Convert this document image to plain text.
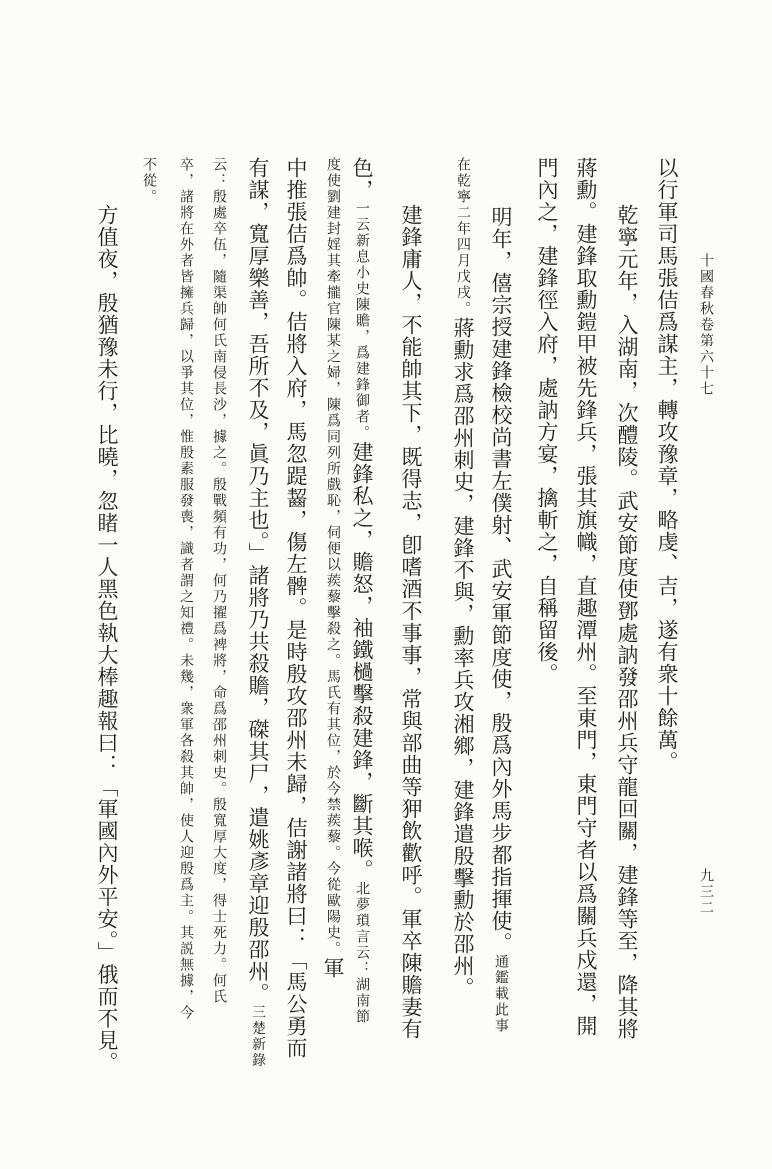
十國春秋卷第六十七
九三二
以行軍司馬張佶爲謀主，轉攻豫章，略虔、吉，遂有衆十餘萬。
乾寧元年，入湖南，次醴陵。武安節度使鄧處訥發邵州兵守龍回關，建鋒等至，降其將
蔣勳。建鋒取勳鎧甲被先鋒兵，張其旗幟，直趣潭州。至東門，東門守者以爲關兵戍還，開
門內之，建鋒徑入府，處訥方宴，擒斬之，自稱留後。
明年，僖宗授建鋒檢校尚書左僕射、武安軍節度使，殷爲內外馬步都指揮使。通鑑載此事
在乾寧二年四月戊戌。蔣勳求爲邵州刺史，建鋒不與，勳率兵攻湘鄉，建鋒遣殷擊勳於邵州。
建鋒庸人，不能帥其下，既得志，卽嗜酒不事事，常與部曲等狎飲歡呼。軍卒陳贍妻有
色，一云新息小史陳贍，爲建鋒御者。建鋒私之，贍怒，袖鐵檛擊殺建鋒，斷其喉。北夢瑣言云：湖南節
度使劉建封婬其牽攏官陳某之婦，陳爲同列所戲恥，伺便以蒺藜擊殺之。馬氏有其位，於今禁蒺藜。今從歐陽史。軍
中推張佶爲帥。佶將入府，馬忽踶齧，傷左髀。是時殷攻邵州未歸，佶謝諸將曰：「馬公勇而
有謀，寬厚樂善，吾所不及，眞乃主也。」諸將乃共殺贍，磔其尸，遣姚彥章迎殷邵州。三楚新錄
云：殷處卒伍，隨渠帥何氏南侵長沙，據之。殷戰頻有功，何乃擢爲裨將，命爲邵州刺史。殷寬厚大度，得士死力。何氏
卒，諸將在外者皆擁兵歸，以爭其位，惟殷素服發喪，識者謂之知禮。未幾，衆軍各殺其帥，使人迎殷爲主。其説無據，今
不從。
方值夜，殷猶豫未行，比曉，忽睹一人黑色執大棒趣報曰：「軍國內外平安。」俄而不見。
